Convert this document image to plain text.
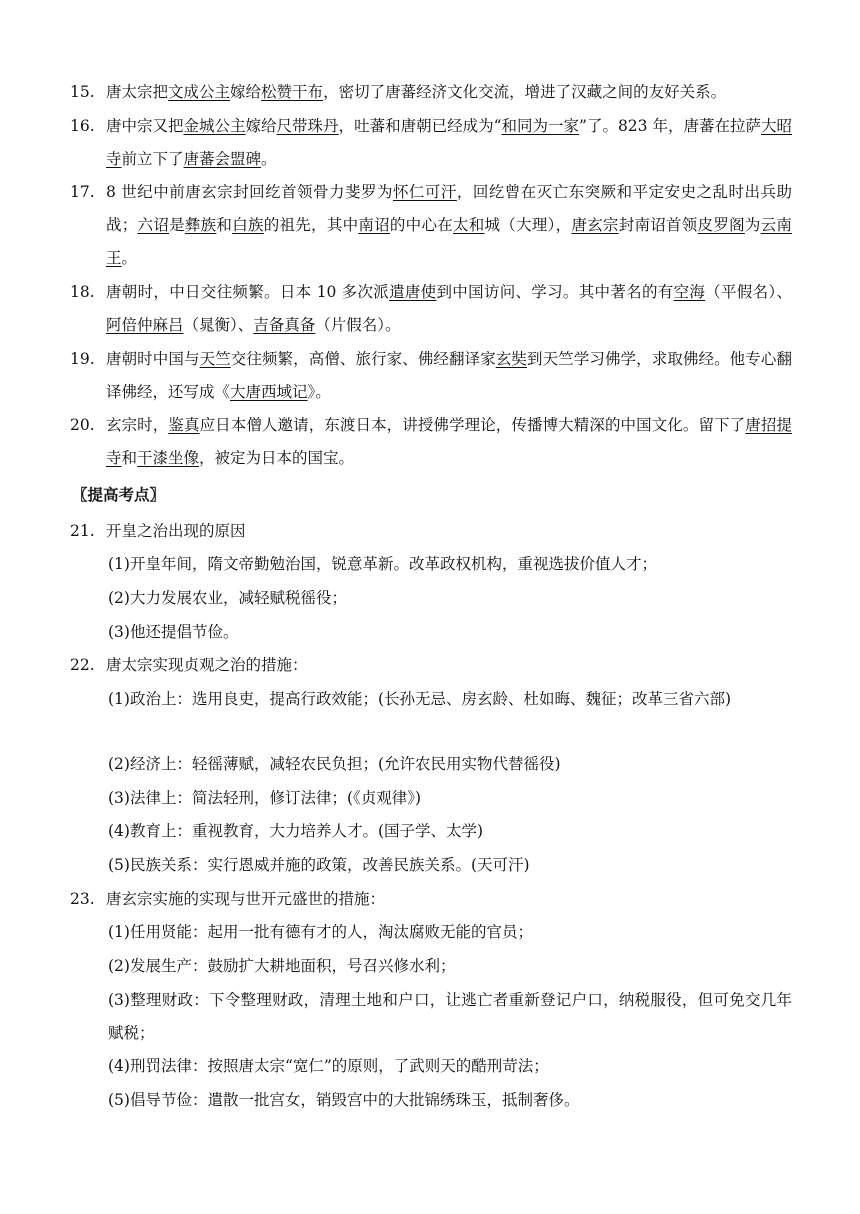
15. 唐太宗把文成公主嫁给松赞干布，密切了唐蕃经济文化交流，增进了汉藏之间的友好关系。
16. 唐中宗又把金城公主嫁给尺带珠丹，吐蕃和唐朝已经成为“和同为一家”了。823 年，唐蕃在拉萨大昭寺前立下了唐蕃会盟碑。
17. 8 世纪中前唐玄宗封回纥首领骨力斐罗为怀仁可汗，回纥曾在灭亡东突厥和平定安史之乱时出兵助战；六诏是彝族和白族的祖先，其中南诏的中心在太和城（大理），唐玄宗封南诏首领皮罗阁为云南王。
18. 唐朝时，中日交往频繁。日本 10 多次派遣唐使到中国访问、学习。其中著名的有空海（平假名）、阿倍仲麻吕（晁衡）、吉备真备（片假名）。
19. 唐朝时中国与天竺交往频繁，高僧、旅行家、佛经翻译家玄奘到天竺学习佛学，求取佛经。他专心翻译佛经，还写成《大唐西域记》。
20. 玄宗时，鉴真应日本僧人邀请，东渡日本，讲授佛学理论，传播博大精深的中国文化。留下了唐招提寺和干漆坐像，被定为日本的国宝。
〖提高考点〗
21. 开皇之治出现的原因
(1)开皇年间，隋文帝勤勉治国，锐意革新。改革政权机构，重视选拔价值人才；
(2)大力发展农业，减轻赋税徭役；
(3)他还提倡节俭。
22. 唐太宗实现贞观之治的措施：
(1)政治上：选用良吏，提高行政效能；(长孙无忌、房玄龄、杜如晦、魏征；改革三省六部)
(2)经济上：轻徭薄赋，减轻农民负担；(允许农民用实物代替徭役)
(3)法律上：简法轻刑，修订法律；(《贞观律》)
(4)教育上：重视教育，大力培养人才。(国子学、太学)
(5)民族关系：实行恩威并施的政策，改善民族关系。(天可汗)
23. 唐玄宗实施的实现与世开元盛世的措施：
(1)任用贤能：起用一批有德有才的人，淘汰腐败无能的官员；
(2)发展生产：鼓励扩大耕地面积，号召兴修水利；
(3)整理财政：下令整理财政，清理土地和户口，让逃亡者重新登记户口，纳税服役，但可免交几年赋税；
(4)刑罚法律：按照唐太宗“宽仁”的原则，了武则天的酷刑苛法；
(5)倡导节俭：遣散一批宫女，销毁宫中的大批锦绣珠玉，抵制奢侈。
